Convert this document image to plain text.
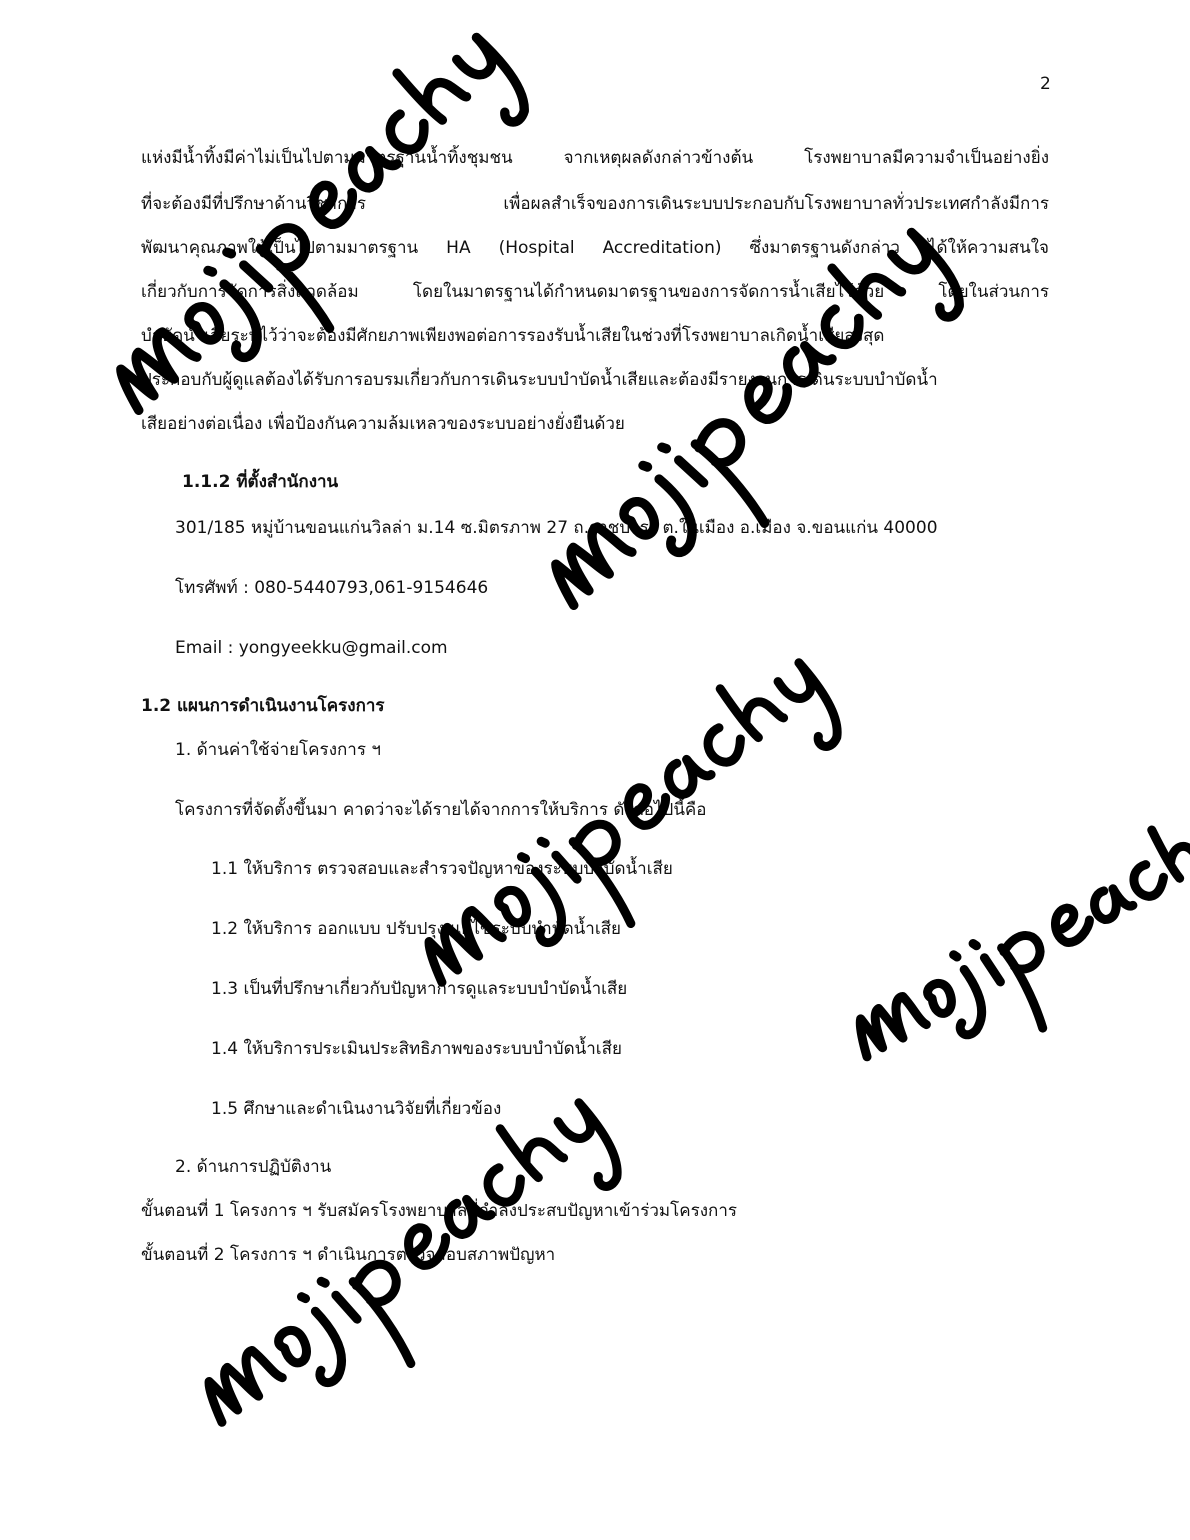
2
แห่งมีน้ำทิ้งมีค่าไม่เป็นไปตามมาตรฐานน้ำทิ้งชุมชน จากเหตุผลดังกล่าวข้างต้น โรงพยาบาลมีความจำเป็นอย่างยิ่ง
ที่จะต้องมีที่ปรึกษาด้านวิชาการ เพื่อผลสำเร็จของการเดินระบบประกอบกับโรงพยาบาลทั่วประเทศกำลังมีการ
พัฒนาคุณภาพให้เป็นไปตามมาตรฐาน HA (Hospital Accreditation) ซึ่งมาตรฐานดังกล่าว ได้ให้ความสนใจ
เกี่ยวกับการจัดการสิ่งแวดล้อม โดยในมาตรฐานได้กำหนดมาตรฐานของการจัดการน้ำเสียไว้ด้วย โดยในส่วนการ
บำบัดน้ำเสียระบุไว้ว่าจะต้องมีศักยภาพเพียงพอต่อการรองรับน้ำเสียในช่วงที่โรงพยาบาลเกิดน้ำเสียสูงสุด
ประกอบกับผู้ดูแลต้องได้รับการอบรมเกี่ยวกับการเดินระบบบำบัดน้ำเสียและต้องมีรายงานการเดินระบบบำบัดน้ำ
เสียอย่างต่อเนื่อง เพื่อป้องกันความล้มเหลวของระบบอย่างยั่งยืนด้วย
1.1.2 ที่ตั้งสำนักงาน
301/185 หมู่บ้านขอนแก่นวิลล่า ม.14 ซ.มิตรภาพ 27 ถ.ราชบำรุง ต.ในเมือง อ.เมือง จ.ขอนแก่น 40000
โทรศัพท์ : 080-5440793,061-9154646
Email : yongyeekku@gmail.com
1.2 แผนการดำเนินงานโครงการ
1. ด้านค่าใช้จ่ายโครงการ ฯ
โครงการที่จัดตั้งขึ้นมา คาดว่าจะได้รายได้จากการให้บริการ ดังต่อไปนี้คือ
1.1 ให้บริการ ตรวจสอบและสำรวจปัญหาของระบบบำบัดน้ำเสีย
1.2 ให้บริการ ออกแบบ ปรับปรุง แก้ไขระบบบำบัดน้ำเสีย
1.3 เป็นที่ปรึกษาเกี่ยวกับปัญหาการดูแลระบบบำบัดน้ำเสีย
1.4 ให้บริการประเมินประสิทธิภาพของระบบบำบัดน้ำเสีย
1.5 ศึกษาและดำเนินงานวิจัยที่เกี่ยวข้อง
2. ด้านการปฏิบัติงาน
ขั้นตอนที่ 1 โครงการ ฯ รับสมัครโรงพยาบาลที่กำลังประสบปัญหาเข้าร่วมโครงการ
ขั้นตอนที่ 2 โครงการ ฯ ดำเนินการตรวจสอบสภาพปัญหา
